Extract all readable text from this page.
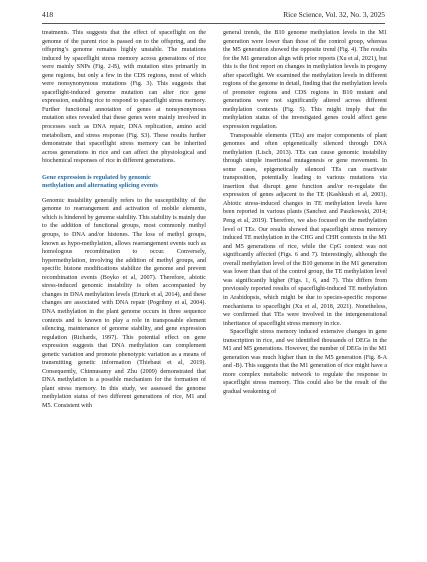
418	Rice Science, Vol. 32, No. 3, 2025

treatments. This suggests that the effect of spaceflight on the genome of the parent rice is passed on to the offspring, and the offspring’s genome remains highly unstable. The mutations induced by spaceflight stress memory across generations of rice were mainly SNPs (Fig. 2-B), with mutation sites primarily in gene regions, but only a few in the CDS regions, most of which were nonsynonymous mutations (Fig. 3). This suggests that spaceflight-induced genome mutation can alter rice gene expression, enabling rice to respond to spaceflight stress memory. Further functional annotation of genes at nonsynonymous mutation sites revealed that these genes were mainly involved in processes such as DNA repair, DNA replication, amino acid metabolism, and stress response (Fig. S3). These results further demonstrate that spaceflight stress memory can be inherited across generations in rice and can affect the physiological and biochemical responses of rice in different generations.

Gene expression is regulated by genomic
methylation and alternating splicing events

Genomic instability generally refers to the susceptibility of the genome to rearrangement and activation of mobile elements, which is hindered by genome stability. This stability is mainly due to the addition of functional groups, most commonly methyl groups, to DNA and/or histones. The loss of methyl groups, known as hypo-methylation, allows rearrangement events such as homologous recombination to occur. Conversely, hypermethylation, involving the addition of methyl groups, and specific histone modifications stabilize the genome and prevent recombination events (Boyko et al, 2007). Therefore, abiotic stress-induced genomic instability is often accompanied by changes in DNA methylation levels (Erturk et al, 2014), and these changes are associated with DNA repair (Pogribny et al, 2004). DNA methylation in the plant genome occurs in three sequence contexts and is known to play a role in transposable element silencing, maintenance of genome stability, and gene expression regulation (Richards, 1997). This potential effect on gene expression suggests that DNA methylation can complement genetic variation and promote phenotypic variation as a means of transmitting genetic information (Thiebaut et al, 2019). Consequently, Chinnusamy and Zhu (2009) demonstrated that DNA methylation is a possible mechanism for the formation of plant stress memory. In this study, we assessed the genome methylation status of two different generations of rice, M1 and M5. Consistent with

general trends, the B10 genome methylation levels in the M1 generation were lower than those of the control group, whereas the M5 generation showed the opposite trend (Fig. 4). The results for the M1 generation align with prior reports (Xu et al, 2021), but this is the first report on changes in methylation levels in progeny after spaceflight. We examined the methylation levels in different regions of the genome in detail, finding that the methylation levels of promoter regions and CDS regions in B10 mutant and generations were not significantly altered across different methylation contexts (Fig. 5). This might imply that the methylation status of the investigated genes could affect gene expression regulation.

Transposable elements (TEs) are major components of plant genomes and often epigenetically silenced through DNA methylation (Lisch, 2013). TEs can cause genomic instability through simple insertional mutagenesis or gene movement. In some cases, epigenetically silenced TEs can reactivate transposition, potentially leading to various mutations via insertion that disrupt gene function and/or re-regulate the expression of genes adjacent to the TE (Kashkush et al, 2003). Abiotic stress-induced changes in TE methylation levels have been reported in various plants (Sanchez and Paszkowski, 2014; Peng et al, 2019). Therefore, we also focused on the methylation level of TEs. Our results showed that spaceflight stress memory induced TE methylation in the CHG and CHH contexts in the M1 and M5 generations of rice, while the CpG context was not significantly affected (Figs. 6 and 7). Interestingly, although the overall methylation level of the B10 genome in the M1 generation was lower than that of the control group, the TE methylation level was significantly higher (Figs. 1, 6, and 7). This differs from previously reported results of spaceflight-induced TE methylation in Arabidopsis, which might be due to species-specific response mechanisms to spaceflight (Xu et al, 2018, 2021). Nonetheless, we confirmed that TEs were involved in the intergenerational inheritance of spaceflight stress memory in rice.

Spaceflight stress memory induced extensive changes in gene transcription in rice, and we identified thousands of DEGs in the M1 and M5 generations. However, the number of DEGs in the M1 generation was much higher than in the M5 generation (Fig. 8-A and -B). This suggests that the M1 generation of rice might have a more complex metabolic network to regulate the response to spaceflight stress memory. This could also be the result of the gradual weakening of
